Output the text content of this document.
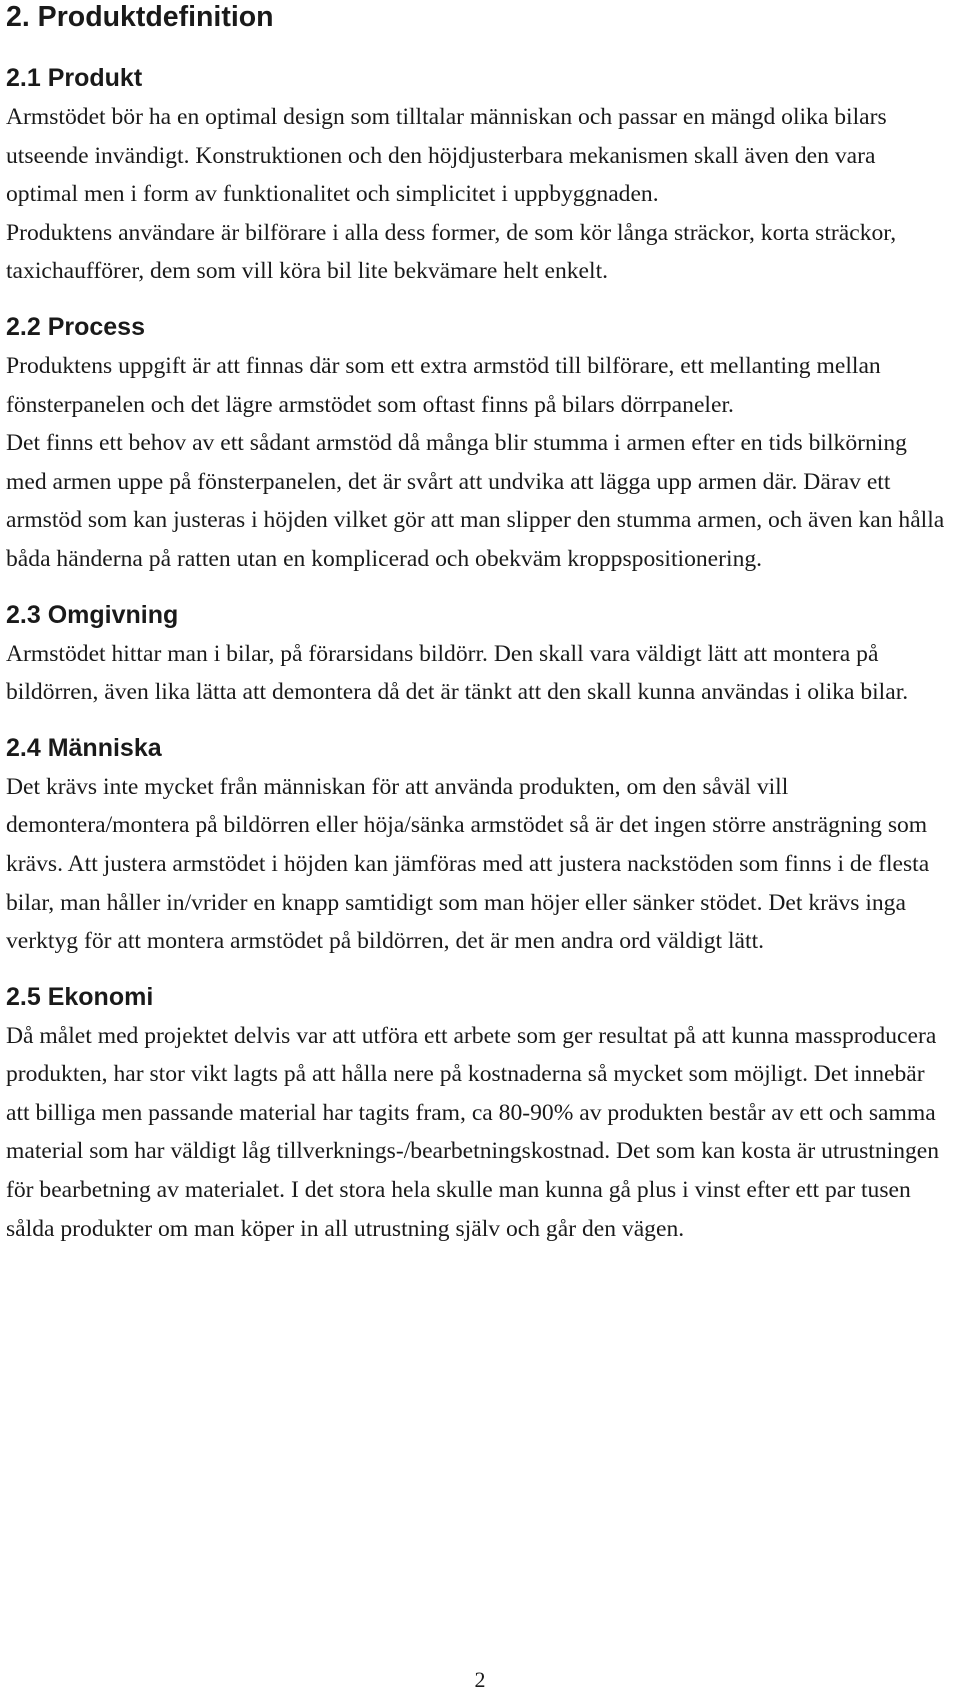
2. Produktdefinition
2.1 Produkt

Armstödet bör ha en optimal design som tilltalar människan och passar en mängd olika bilars utseende invändigt. Konstruktionen och den höjdjusterbara mekanismen skall även den vara optimal men i form av funktionalitet och simplicitet i uppbyggnaden.

Produktens användare är bilförare i alla dess former, de som kör långa sträckor, korta sträckor, taxichaufförer, dem som vill köra bil lite bekvämare helt enkelt.

2.2 Process

Produktens uppgift är att finnas där som ett extra armstöd till bilförare, ett mellanting mellan fönsterpanelen och det lägre armstödet som oftast finns på bilars dörrpaneler.

Det finns ett behov av ett sådant armstöd då många blir stumma i armen efter en tids bilkörning med armen uppe på fönsterpanelen, det är svårt att undvika att lägga upp armen där. Därav ett armstöd som kan justeras i höjden vilket gör att man slipper den stumma armen, och även kan hålla båda händerna på ratten utan en komplicerad och obekväm kroppspositionering.

2.3 Omgivning

Armstödet hittar man i bilar, på förarsidans bildörr. Den skall vara väldigt lätt att montera på bildörren, även lika lätta att demontera då det är tänkt att den skall kunna användas i olika bilar.

2.4 Människa

Det krävs inte mycket från människan för att använda produkten, om den såväl vill demontera/montera på bildörren eller höja/sänka armstödet så är det ingen större ansträgning som krävs. Att justera armstödet i höjden kan jämföras med att justera nackstöden som finns i de flesta bilar, man håller in/vrider en knapp samtidigt som man höjer eller sänker stödet. Det krävs inga verktyg för att montera armstödet på bildörren, det är men andra ord väldigt lätt.

2.5 Ekonomi

Då målet med projektet delvis var att utföra ett arbete som ger resultat på att kunna massproducera produkten, har stor vikt lagts på att hålla nere på kostnaderna så mycket som möjligt. Det innebär att billiga men passande material har tagits fram, ca 80-90% av produkten består av ett och samma material som har väldigt låg tillverknings-/bearbetningskostnad. Det som kan kosta är utrustningen för bearbetning av materialet. I det stora hela skulle man kunna gå plus i vinst efter ett par tusen sålda produkter om man köper in all utrustning själv och går den vägen.

2
